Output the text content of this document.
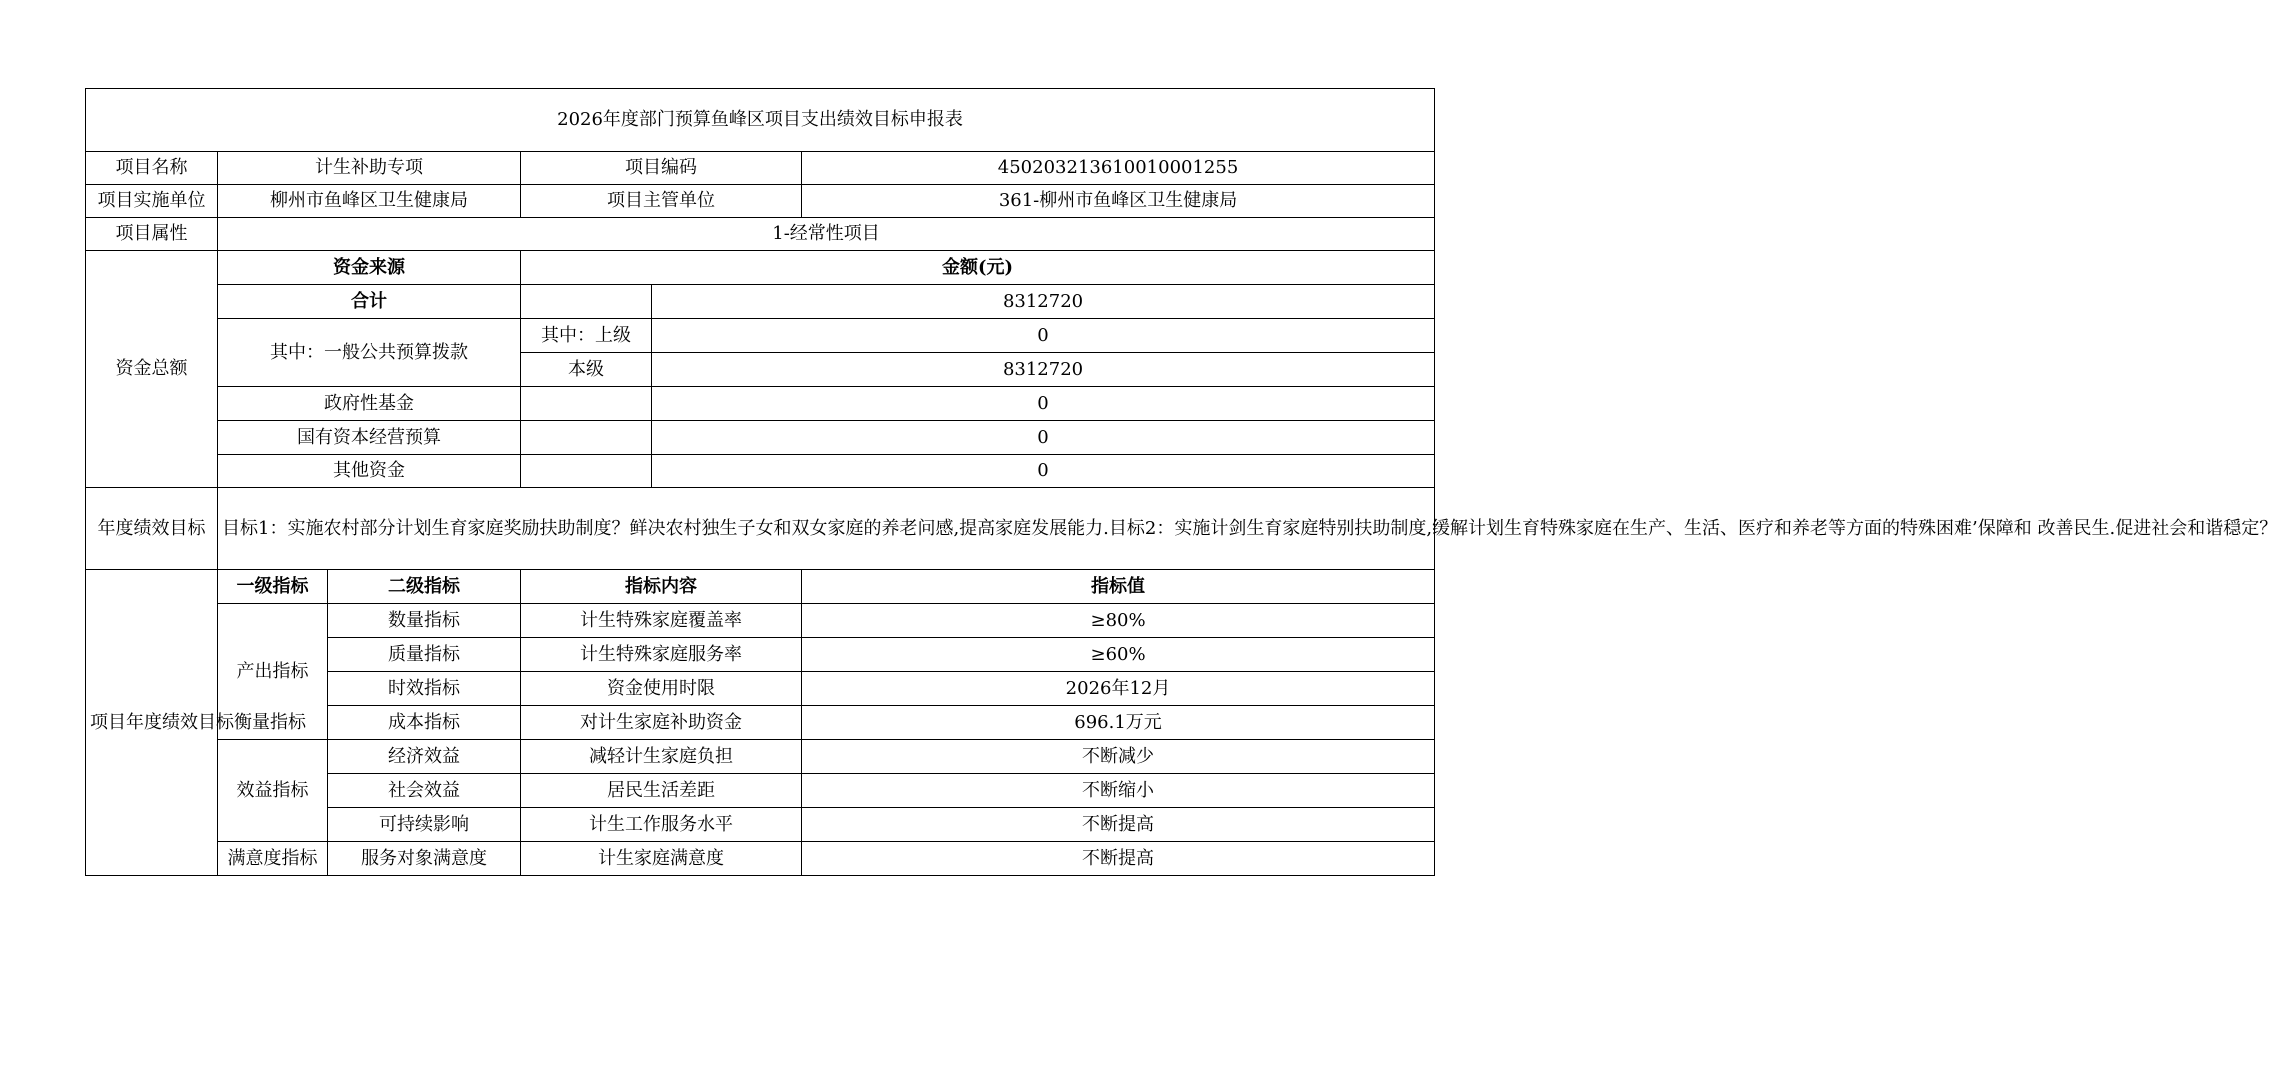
2026年度部门预算鱼峰区项目支出绩效目标申报表					
项目名称	计生补助专项		项目编码		450203213610010001255
项目实施单位	柳州市鱼峰区卫生健康局		项目主管单位		361-柳州市鱼峰区卫生健康局
项目属性	1-经常性项目				
资金总额	资金来源		金额(元)		
	合计			8312720	
	其中：一般公共预算拨款		其中：上级	0	
			本级	8312720	
	政府性基金			0	
	国有资本经营预算			0	
	其他资金			0	
年度绩效目标	目标1：实施农村部分计划生育家庭奖励扶助制度？鲜决农村独生子女和双女家庭的养老问感,提高家庭发展能力.目标2：实施计剑生育家庭特别扶助制度,缓解计划生育特殊家庭在生产、生活、医疗和养老等方面的特殊困难’保障和 改善民生.促进社会和谐穏定？				
项目年度绩效目标衡量指标	一级指标	二级指标	指标内容		指标值
	产出指标	数量指标	计生特殊家庭覆盖率		≥80%
		质量指标	计生特殊家庭服务率		≥60%
		时效指标	资金使用时限		2026年12月
		成本指标	对计生家庭补助资金		696.1万元
	效益指标	经济效益	减轻计生家庭负担		不断减少
		社会效益	居民生活差距		不断缩小
		可持续影响	计生工作服务水平		不断提高
	满意度指标	服务对象满意度	计生家庭满意度		不断提高
